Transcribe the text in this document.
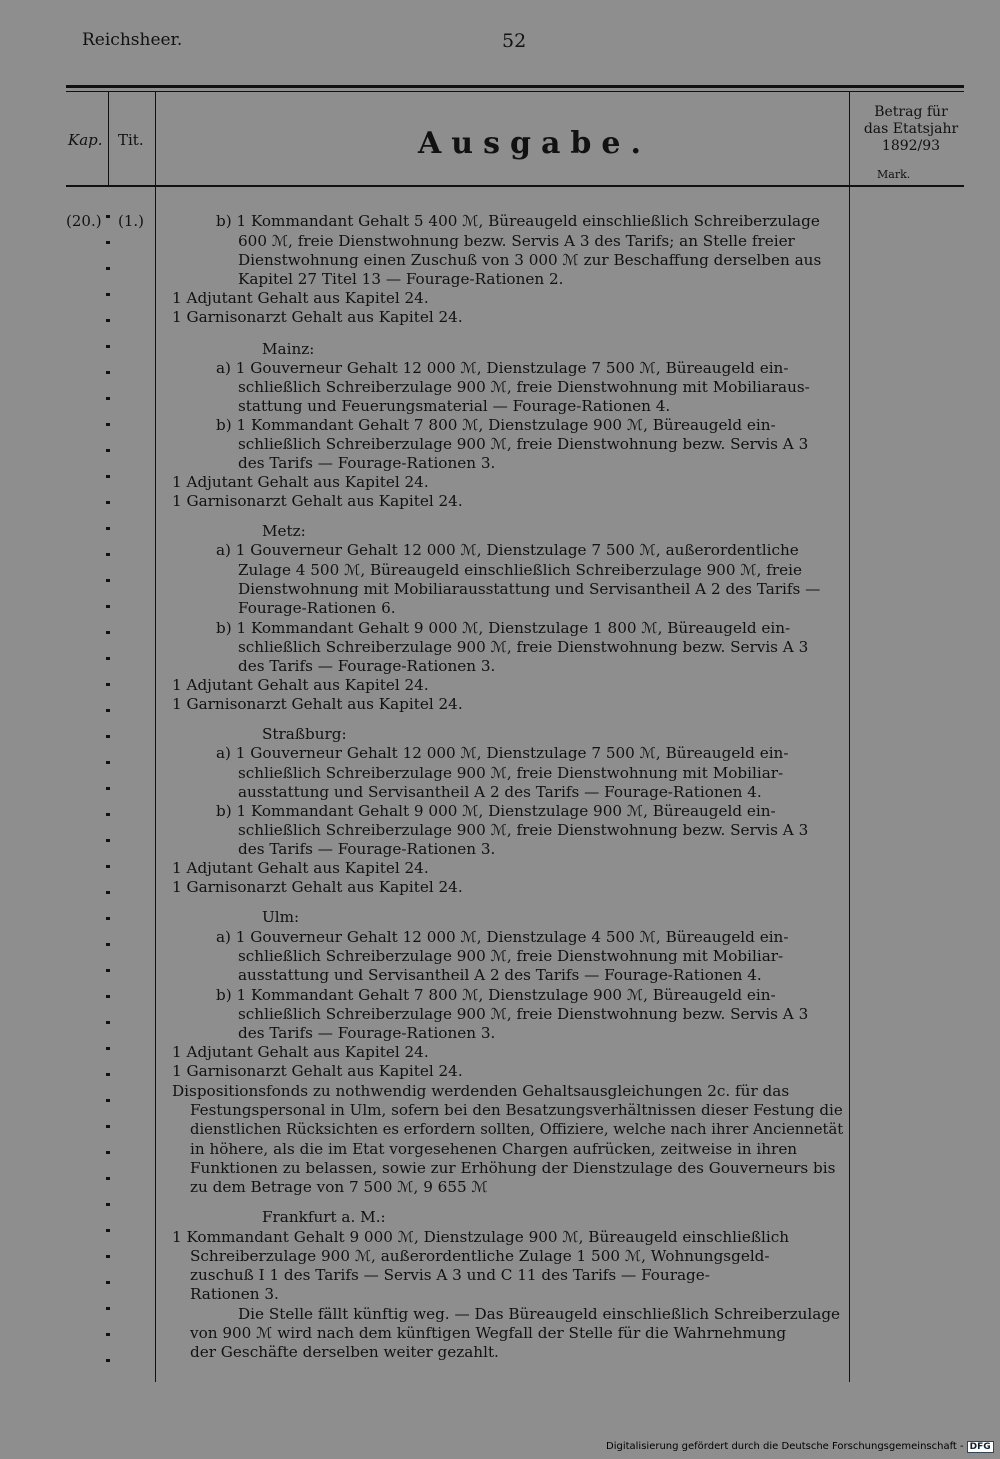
Reichsheer.	52
Kap. Tit.	Ausgabe.
Betrag für
das Etatsjahr
1892/93
Mark.
(20.) (1.)	b) 1 Kommandant Gehalt 5 400 ℳ, Büreaugeld einschließlich Schreiberzulage
600 ℳ, freie Dienstwohnung bezw. Servis A 3 des Tarifs; an Stelle freier
Dienstwohnung einen Zuschuß von 3 000 ℳ zur Beschaffung derselben aus
Kapitel 27 Titel 13 — Fourage-Rationen 2.
1 Adjutant Gehalt aus Kapitel 24.
1 Garnisonarzt Gehalt aus Kapitel 24.
Mainz:
a) 1 Gouverneur Gehalt 12 000 ℳ, Dienstzulage 7 500 ℳ, Büreaugeld ein-
schließlich Schreiberzulage 900 ℳ, freie Dienstwohnung mit Mobiliaraus-
stattung und Feuerungsmaterial — Fourage-Rationen 4.
b) 1 Kommandant Gehalt 7 800 ℳ, Dienstzulage 900 ℳ, Büreaugeld ein-
schließlich Schreiberzulage 900 ℳ, freie Dienstwohnung bezw. Servis A 3
des Tarifs — Fourage-Rationen 3.
1 Adjutant Gehalt aus Kapitel 24.
1 Garnisonarzt Gehalt aus Kapitel 24.
Metz:
a) 1 Gouverneur Gehalt 12 000 ℳ, Dienstzulage 7 500 ℳ, außerordentliche
Zulage 4 500 ℳ, Büreaugeld einschließlich Schreiberzulage 900 ℳ, freie
Dienstwohnung mit Mobiliarausstattung und Servisantheil A 2 des Tarifs —
Fourage-Rationen 6.
b) 1 Kommandant Gehalt 9 000 ℳ, Dienstzulage 1 800 ℳ, Büreaugeld ein-
schließlich Schreiberzulage 900 ℳ, freie Dienstwohnung bezw. Servis A 3
des Tarifs — Fourage-Rationen 3.
1 Adjutant Gehalt aus Kapitel 24.
1 Garnisonarzt Gehalt aus Kapitel 24.
Straßburg:
a) 1 Gouverneur Gehalt 12 000 ℳ, Dienstzulage 7 500 ℳ, Büreaugeld ein-
schließlich Schreiberzulage 900 ℳ, freie Dienstwohnung mit Mobiliar-
ausstattung und Servisantheil A 2 des Tarifs — Fourage-Rationen 4.
b) 1 Kommandant Gehalt 9 000 ℳ, Dienstzulage 900 ℳ, Büreaugeld ein-
schließlich Schreiberzulage 900 ℳ, freie Dienstwohnung bezw. Servis A 3
des Tarifs — Fourage-Rationen 3.
1 Adjutant Gehalt aus Kapitel 24.
1 Garnisonarzt Gehalt aus Kapitel 24.
Ulm:
a) 1 Gouverneur Gehalt 12 000 ℳ, Dienstzulage 4 500 ℳ, Büreaugeld ein-
schließlich Schreiberzulage 900 ℳ, freie Dienstwohnung mit Mobiliar-
ausstattung und Servisantheil A 2 des Tarifs — Fourage-Rationen 4.
b) 1 Kommandant Gehalt 7 800 ℳ, Dienstzulage 900 ℳ, Büreaugeld ein-
schließlich Schreiberzulage 900 ℳ, freie Dienstwohnung bezw. Servis A 3
des Tarifs — Fourage-Rationen 3.
1 Adjutant Gehalt aus Kapitel 24.
1 Garnisonarzt Gehalt aus Kapitel 24.
Dispositionsfonds zu nothwendig werdenden Gehaltsausgleichungen 2c. für das
Festungspersonal in Ulm, sofern bei den Besatzungsverhältnissen dieser Festung die
dienstlichen Rücksichten es erfordern sollten, Offiziere, welche nach ihrer Anciennetät
in höhere, als die im Etat vorgesehenen Chargen aufrücken, zeitweise in ihren
Funktionen zu belassen, sowie zur Erhöhung der Dienstzulage des Gouverneurs bis
zu dem Betrage von 7 500 ℳ, 9 655 ℳ
Frankfurt a. M.:
1 Kommandant Gehalt 9 000 ℳ, Dienstzulage 900 ℳ, Büreaugeld einschließlich
Schreiberzulage 900 ℳ, außerordentliche Zulage 1 500 ℳ, Wohnungsgeld-
zuschuß I 1 des Tarifs — Servis A 3 und C 11 des Tarifs — Fourage-
Rationen 3.
Die Stelle fällt künftig weg. — Das Büreaugeld einschließlich Schreiberzulage
von 900 ℳ wird nach dem künftigen Wegfall der Stelle für die Wahrnehmung
der Geschäfte derselben weiter gezahlt.
Digitalisierung gefördert durch die Deutsche Forschungsgemeinschaft - DFG
